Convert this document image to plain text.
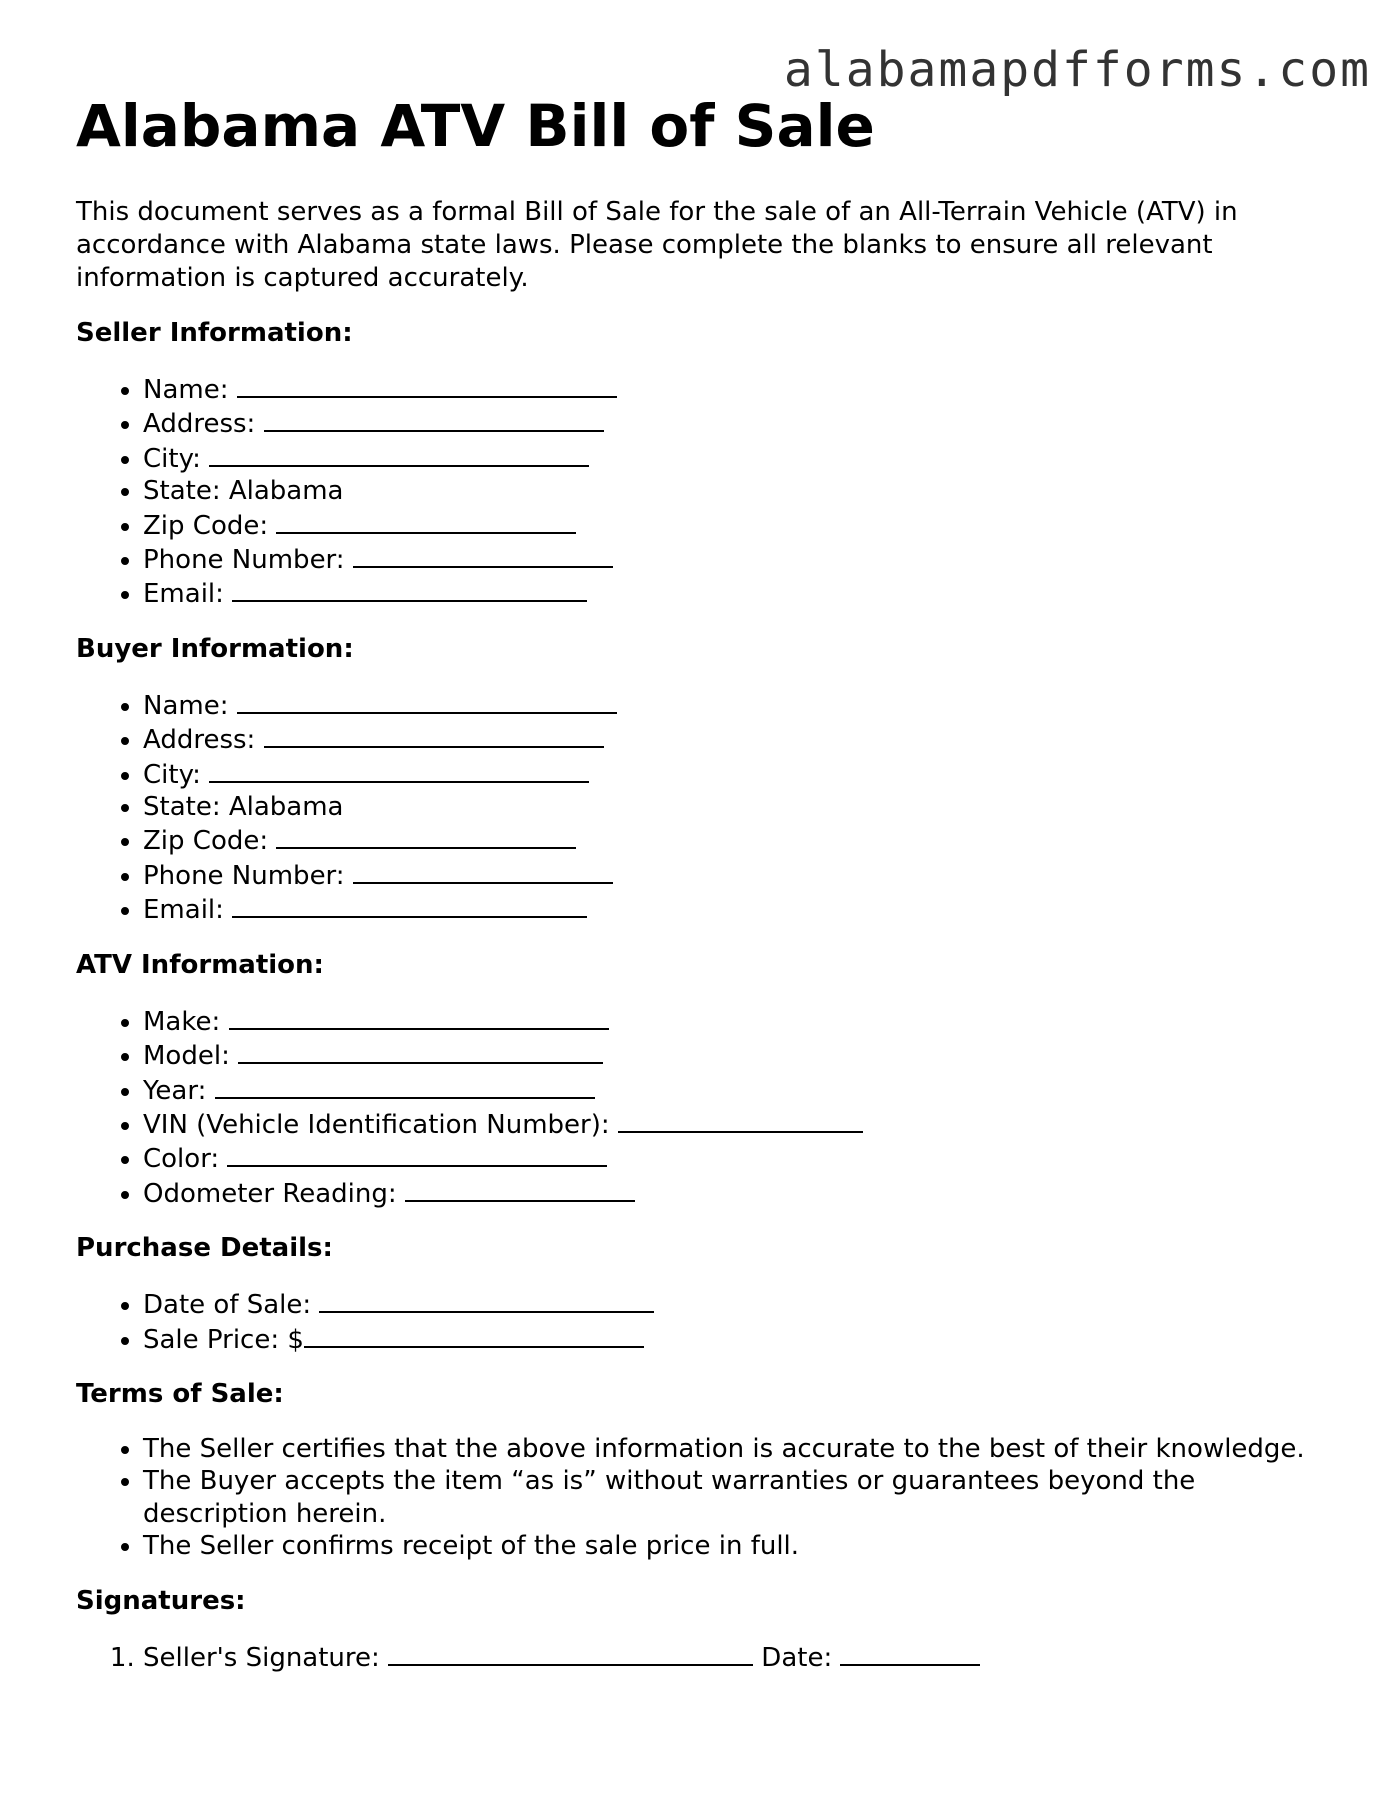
alabamapdfforms.com

Alabama ATV Bill of Sale

This document serves as a formal Bill of Sale for the sale of an All-Terrain Vehicle (ATV) in accordance with Alabama state laws. Please complete the blanks to ensure all relevant information is captured accurately.

Seller Information:
• Name:
• Address:
• City:
• State: Alabama
• Zip Code:
• Phone Number:
• Email:
Buyer Information:
• Name:
• Address:
• City:
• State: Alabama
• Zip Code:
• Phone Number:
• Email:
ATV Information:
• Make:
• Model:
• Year:
• VIN (Vehicle Identification Number):
• Color:
• Odometer Reading:
Purchase Details:
• Date of Sale:
• Sale Price: $
Terms of Sale:
• The Seller certifies that the above information is accurate to the best of their knowledge.
• The Buyer accepts the item “as is” without warranties or guarantees beyond the description herein.
• The Seller confirms receipt of the sale price in full.
Signatures:
1. Seller's Signature:	Date:
